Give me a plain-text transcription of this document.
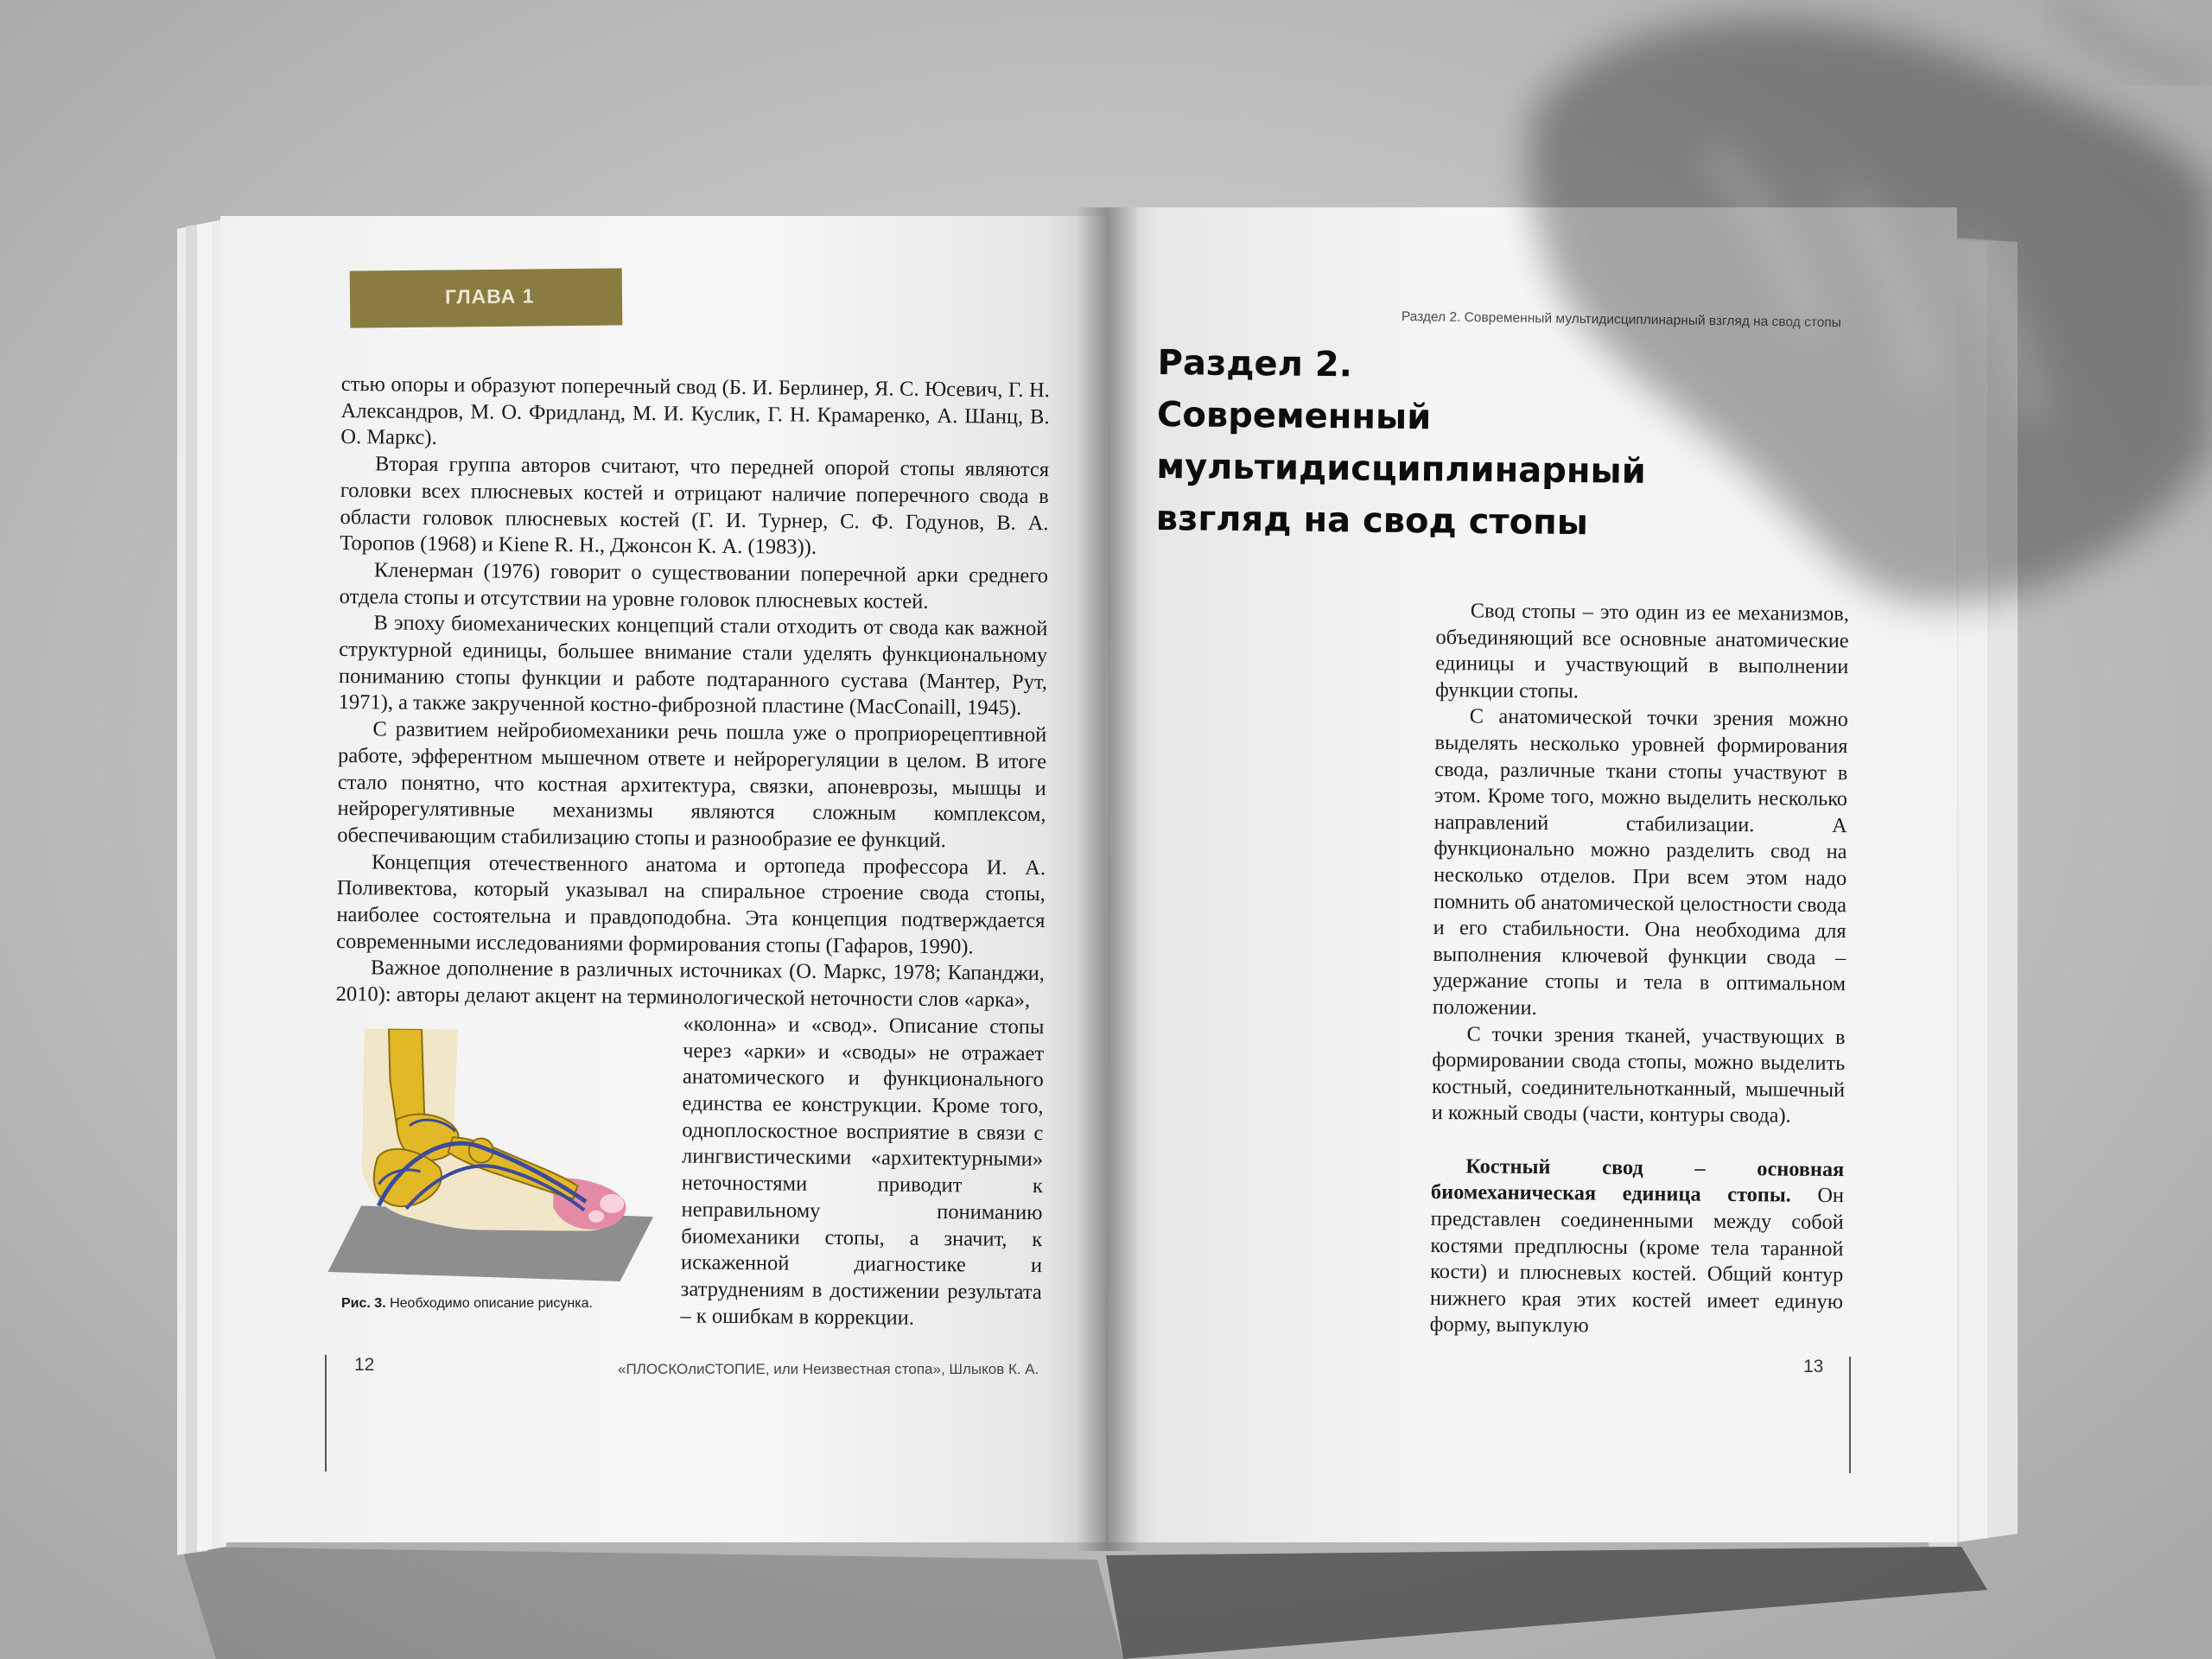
ГЛАВА 1

стью опоры и образуют поперечный свод (Б. И. Берлинер, Я. С. Юсевич, Г. Н. Александров, М. О. Фридланд, М. И. Куслик, Г. Н. Крамаренко, А. Шанц, В. О. Маркс).

Вторая группа авторов считают, что передней опорой стопы являются головки всех плюсневых костей и отрицают наличие поперечного свода в области головок плюсневых костей (Г. И. Турнер, С. Ф. Годунов, В. А. Торопов (1968) и Kiene R. H., Джонсон К. А. (1983)).

Кленерман (1976) говорит о существовании поперечной арки среднего отдела стопы и отсутствии на уровне головок плюсневых костей.

В эпоху биомеханических концепций стали отходить от свода как важной структурной единицы, большее внимание стали уделять функциональному пониманию стопы функции и работе подтаранного сустава (Мантер, Рут, 1971), а также закрученной костно-фиброзной пластине (MacConaill, 1945).

С развитием нейробиомеханики речь пошла уже о проприорецептивной работе, эфферентном мышечном ответе и нейрорегуляции в целом. В итоге стало понятно, что костная архитектура, связки, апоневрозы, мышцы и нейрорегулятивные механизмы являются сложным комплексом, обеспечивающим стабилизацию стопы и разнообразие ее функций.

Концепция отечественного анатома и ортопеда профессора И. А. Поливектова, который указывал на спиральное строение свода стопы, наиболее состоятельна и правдоподобна. Эта концепция подтверждается современными исследованиями формирования стопы (Гафаров, 1990).

Важное дополнение в различных источниках (О. Маркс, 1978; Капанджи, 2010): авторы делают акцент на терминологической неточности слов «арка»,

«колонна» и «свод». Описание стопы через «арки» и «своды» не отражает анатомического и функционального единства ее конструкции. Кроме того, одноплоскостное восприятие в связи с лингвистическими «архитектурными» неточностями приводит к неправильному пониманию биомеханики стопы, а значит, к искаженной диагностике и затруднениям в достижении результата – к ошибкам в коррекции.

Рис. 3. Необходимо описание рисунка.
12	«ПЛОСКОлиСТОПИЕ, или Неизвестная стопа», Шлыков К. А.
Раздел 2. Современный мультидисциплинарный взгляд на свод стопы
Раздел 2.
Современный
мультидисциплинарный
взгляд на свод стопы

Свод стопы – это один из ее механизмов, объединяющий все основные анатомические единицы и участвующий в выполнении функции стопы.

С анатомической точки зрения можно выделять несколько уровней формирования свода, различные ткани стопы участвуют в этом. Кроме того, можно выделить несколько направлений стабилизации. А функционально можно разделить свод на несколько отделов. При всем этом надо помнить об анатомической целостности свода и его стабильности. Она необходима для выполнения ключевой функции свода – удержание стопы и тела в оптимальном положении.

С точки зрения тканей, участвующих в формировании свода стопы, можно выделить костный, соединительнотканный, мышечный и кожный своды (части, контуры свода).

Костный свод – основная биомеханическая единица стопы. Он представлен соединенными между собой костями предплюсны (кроме тела таранной кости) и плюсневых костей. Общий контур нижнего края этих костей имеет единую форму, выпуклую

13
